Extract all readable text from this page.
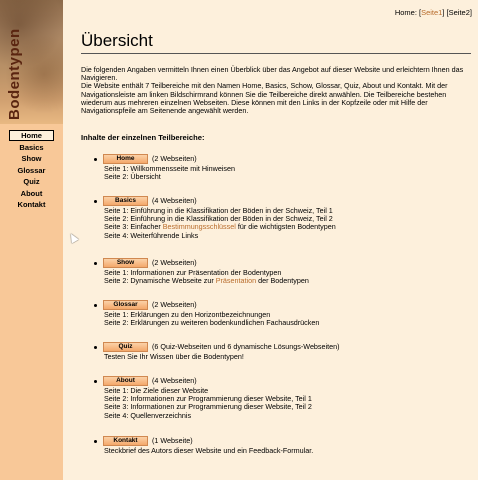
Bodentypen
Home
Basics
Show
Glossar
Quiz
About
Kontakt
Home: [Seite1] [Seite2]
Übersicht

Die folgenden Angaben vermitteln Ihnen einen Überblick über das Angebot auf dieser Website und erleichtern Ihnen das Navigieren.

Die Website enthält 7 Teilbereiche mit den Namen Home, Basics, Schow, Glossar, Quiz, About und Kontakt. Mit der Navigationsleiste am linken Bildschirmrand können Sie die Teilbereiche direkt anwählen. Die Teilbereiche bestehen wiederum aus mehreren einzelnen Webseiten. Diese können mit den Links in der Kopfzeile oder mit Hilfe der Navigationspfeile am Seitenende angewählt werden.

Inhalte der einzelnen Teilbereiche:
Home	(2 Webseiten)
Seite 1: Willkommensseite mit Hinweisen
Seite 2: Übersicht
Basics	(4 Webseiten)
Seite 1: Einführung in die Klassifikation der Böden in der Schweiz, Teil 1
Seite 2: Einführung in die Klassifikation der Böden in der Schweiz, Teil 2
Seite 3: Einfacher Bestimmungsschlüssel für die wichtigsten Bodentypen
Seite 4: Weiterführende Links
Show	(2 Webseiten)
Seite 1: Informationen zur Präsentation der Bodentypen
Seite 2: Dynamische Webseite zur Präsentation der Bodentypen
Glossar	(2 Webseiten)
Seite 1: Erklärungen zu den Horizontbezeichnungen
Seite 2: Erklärungen zu weiteren bodenkundlichen Fachausdrücken
Quiz	(6 Quiz-Webseiten und 6 dynamische Lösungs-Webseiten)
Testen Sie Ihr Wissen über die Bodentypen!
About	(4 Webseiten)
Seite 1: Die Ziele dieser Website
Seite 2: Informationen zur Programmierung dieser Website, Teil 1
Seite 3: Informationen zur Programmierung dieser Website, Teil 2
Seite 4: Quellenverzeichnis
Kontakt	(1 Webseite)
Steckbrief des Autors dieser Website und ein Feedback-Formular.
